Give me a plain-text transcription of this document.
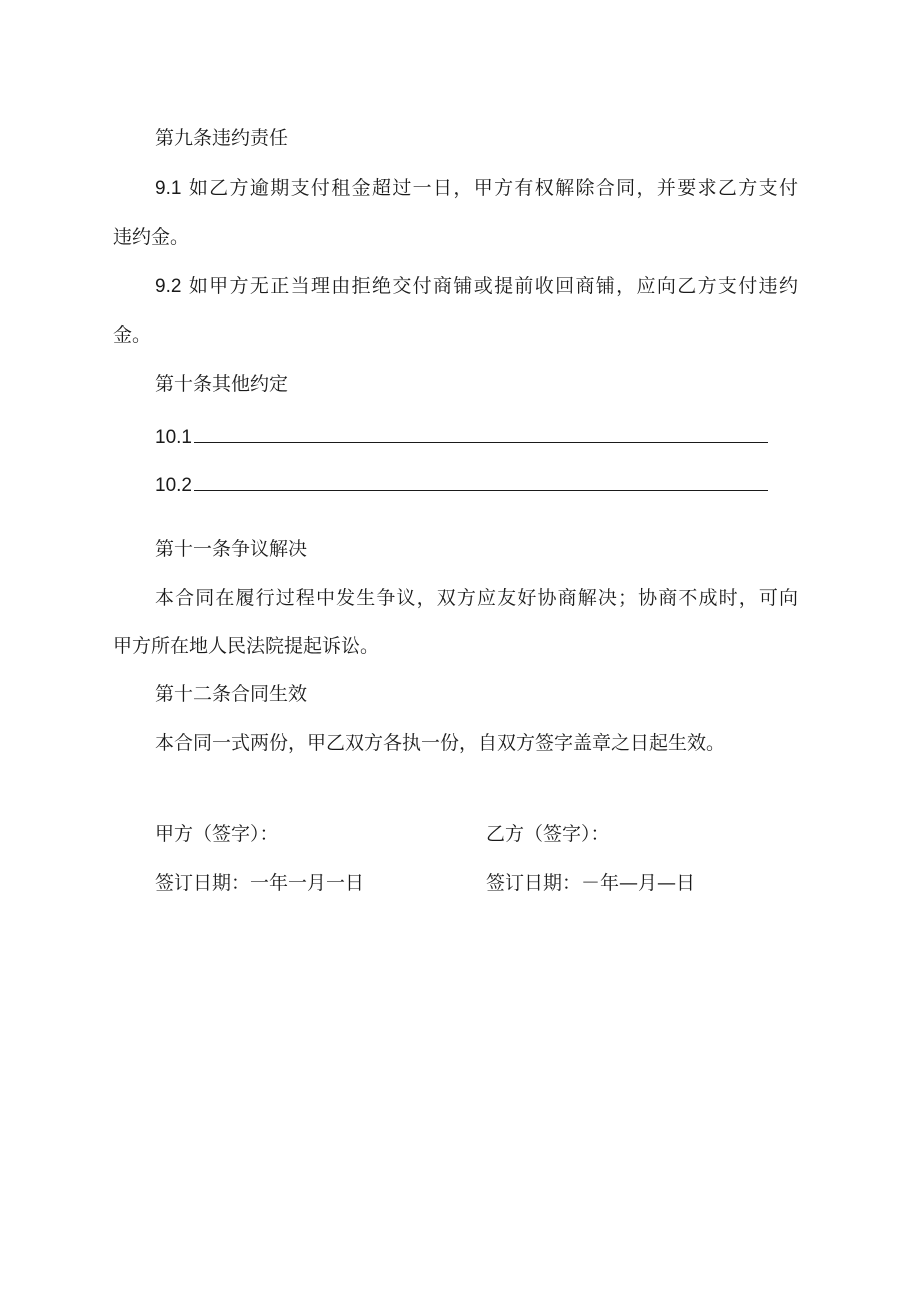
第九条违约责任
9.1 如乙方逾期支付租金超过一日，甲方有权解除合同，并要求乙方支付
违约金。
9.2 如甲方无正当理由拒绝交付商铺或提前收回商铺，应向乙方支付违约
金。
第十条其他约定
10.1
10.2
第十一条争议解决
本合同在履行过程中发生争议，双方应友好协商解决；协商不成时，可向
甲方所在地人民法院提起诉讼。
第十二条合同生效
本合同一式两份，甲乙双方各执一份，自双方签字盖章之日起生效。
甲方（签字）：	乙方（签字）：
签订日期：一年一月一日	签订日期：－年—月—日
